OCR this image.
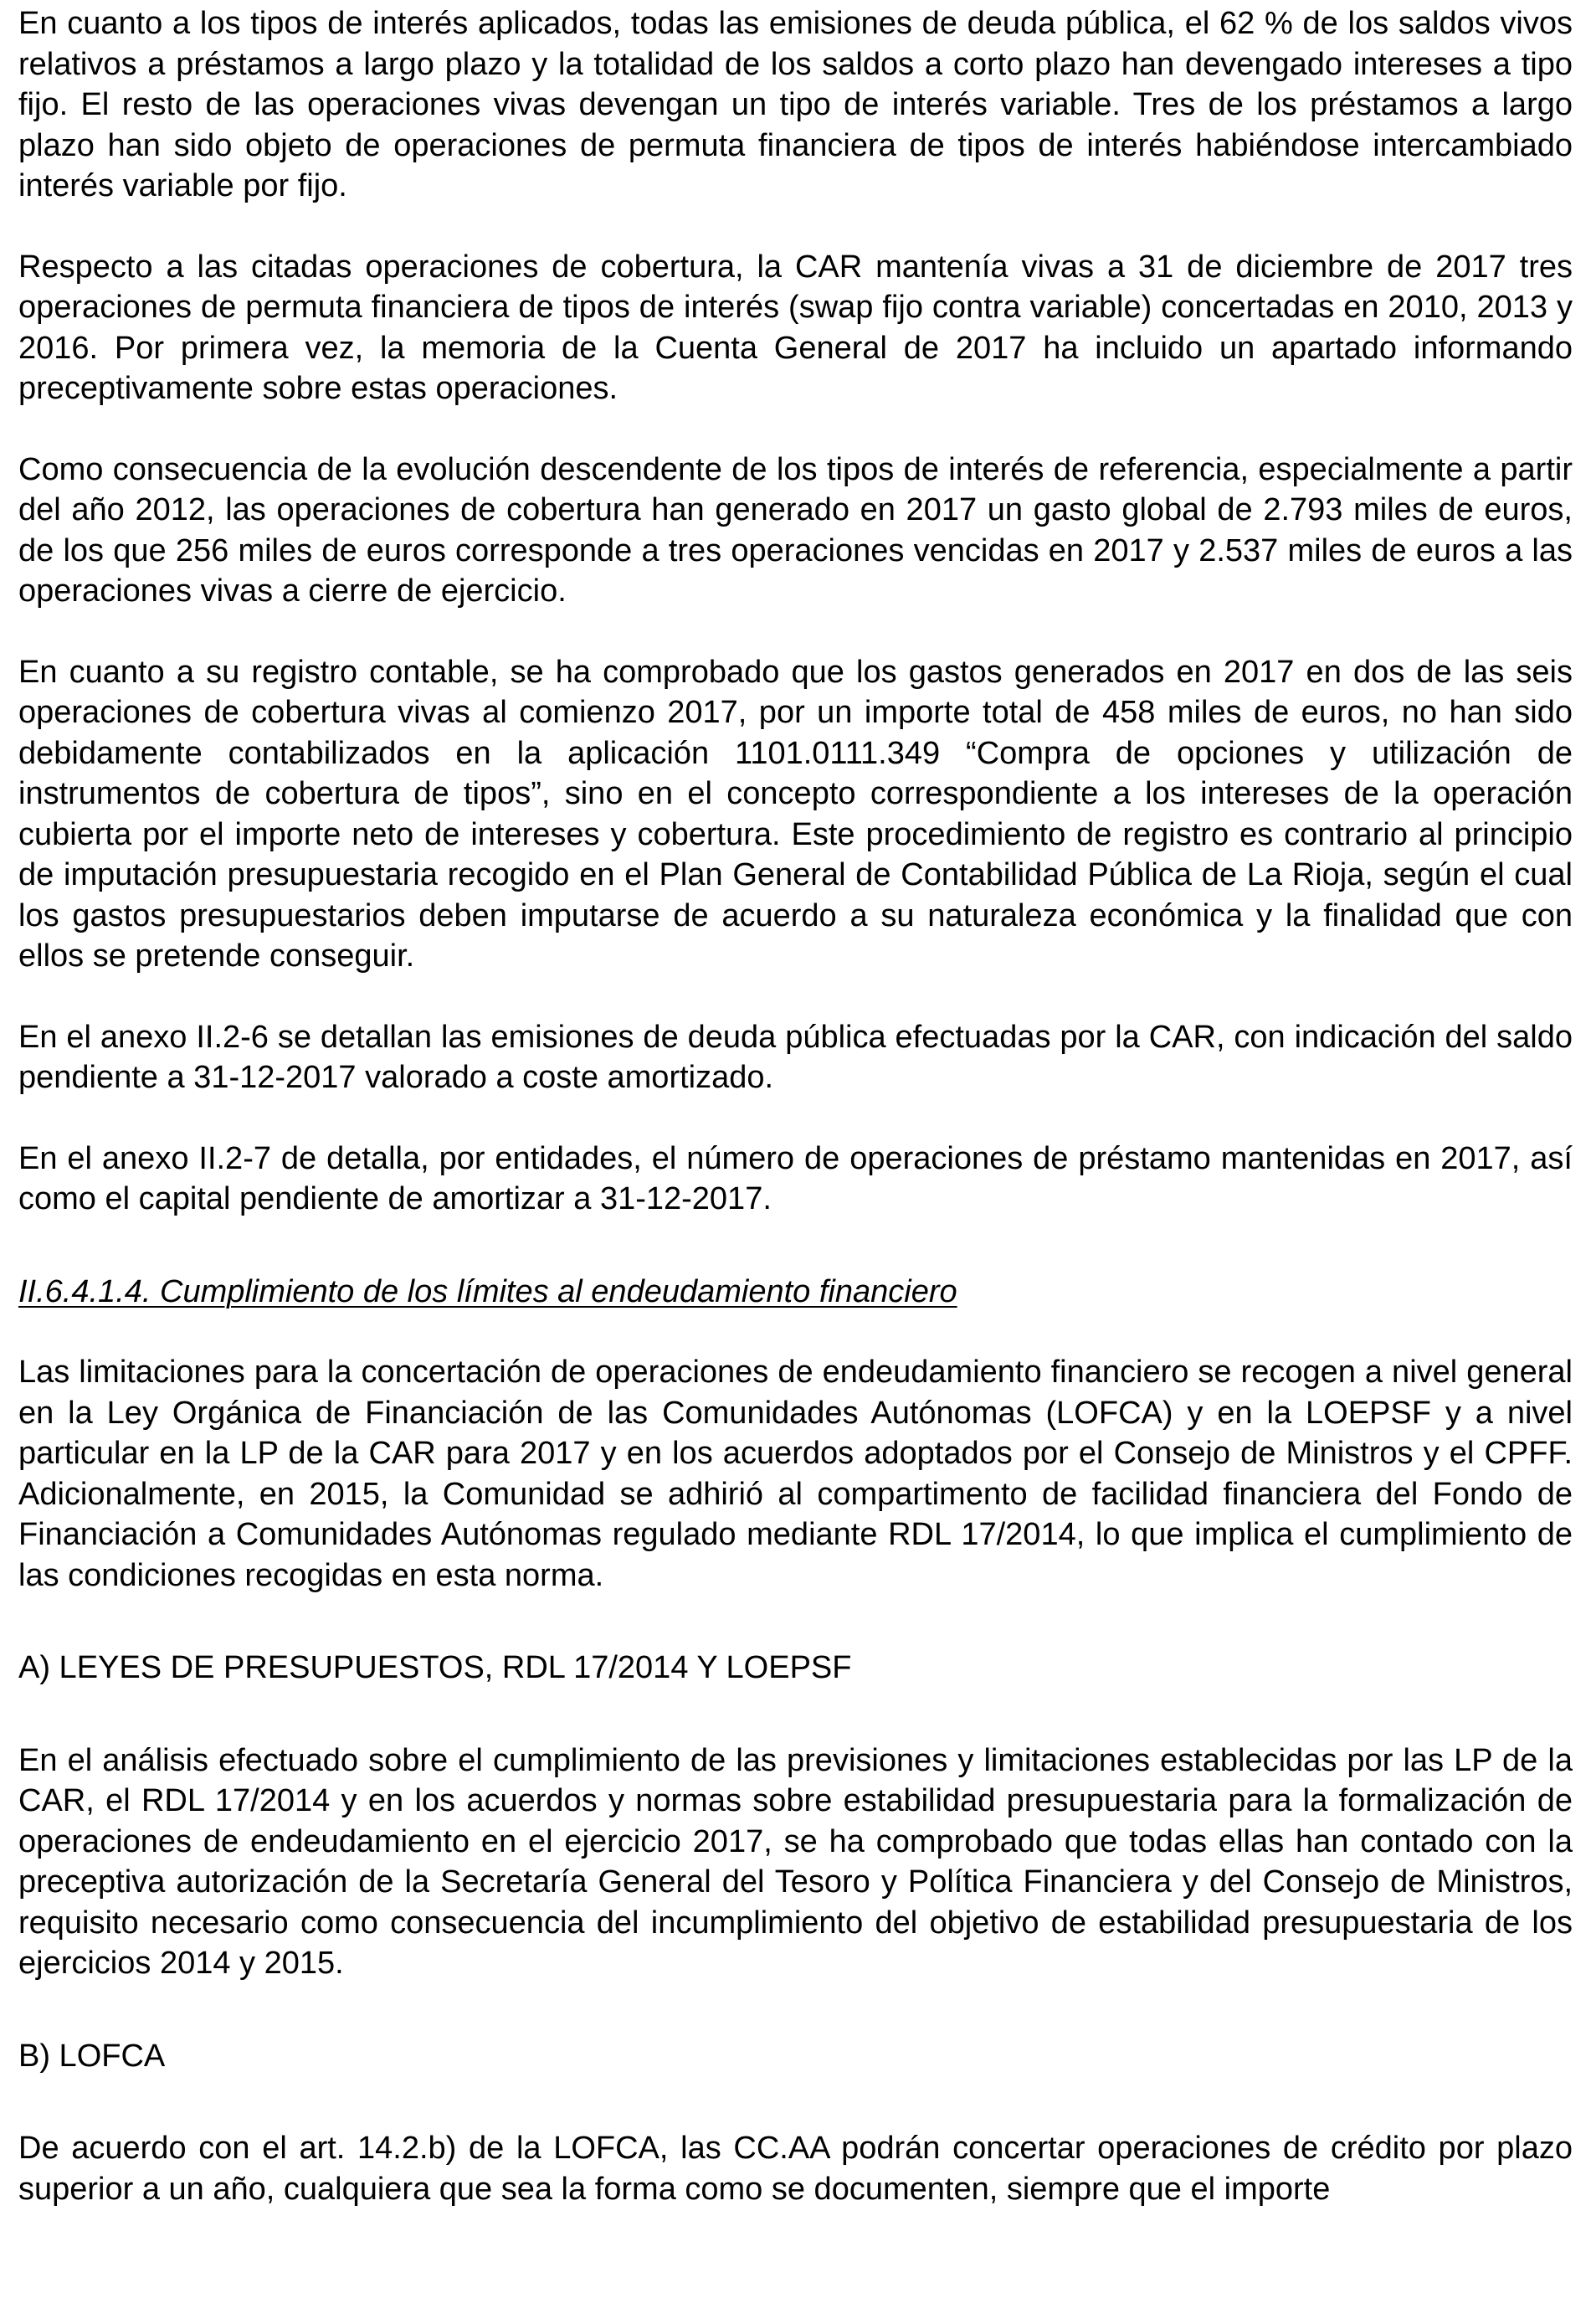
En cuanto a los tipos de interés aplicados, todas las emisiones de deuda pública, el 62 % de los saldos vivos relativos a préstamos a largo plazo y la totalidad de los saldos a corto plazo han devengado intereses a tipo fijo. El resto de las operaciones vivas devengan un tipo de interés variable. Tres de los préstamos a largo plazo han sido objeto de operaciones de permuta financiera de tipos de interés habiéndose intercambiado interés variable por fijo.

Respecto a las citadas operaciones de cobertura, la CAR mantenía vivas a 31 de diciembre de 2017 tres operaciones de permuta financiera de tipos de interés (swap fijo contra variable) concertadas en 2010, 2013 y 2016. Por primera vez, la memoria de la Cuenta General de 2017 ha incluido un apartado informando preceptivamente sobre estas operaciones.

Como consecuencia de la evolución descendente de los tipos de interés de referencia, especialmente a partir del año 2012, las operaciones de cobertura han generado en 2017 un gasto global de 2.793 miles de euros, de los que 256 miles de euros corresponde a tres operaciones vencidas en 2017 y 2.537 miles de euros a las operaciones vivas a cierre de ejercicio.

En cuanto a su registro contable, se ha comprobado que los gastos generados en 2017 en dos de las seis operaciones de cobertura vivas al comienzo 2017, por un importe total de 458 miles de euros, no han sido debidamente contabilizados en la aplicación 1101.0111.349 “Compra de opciones y utilización de instrumentos de cobertura de tipos”, sino en el concepto correspondiente a los intereses de la operación cubierta por el importe neto de intereses y cobertura. Este procedimiento de registro es contrario al principio de imputación presupuestaria recogido en el Plan General de Contabilidad Pública de La Rioja, según el cual los gastos presupuestarios deben imputarse de acuerdo a su naturaleza económica y la finalidad que con ellos se pretende conseguir.

En el anexo II.2-6 se detallan las emisiones de deuda pública efectuadas por la CAR, con indicación del saldo pendiente a 31-12-2017 valorado a coste amortizado.

En el anexo II.2-7 de detalla, por entidades, el número de operaciones de préstamo mantenidas en 2017, así como el capital pendiente de amortizar a 31-12-2017.

II.6.4.1.4. Cumplimiento de los límites al endeudamiento financiero

Las limitaciones para la concertación de operaciones de endeudamiento financiero se recogen a nivel general en la Ley Orgánica de Financiación de las Comunidades Autónomas (LOFCA) y en la LOEPSF y a nivel particular en la LP de la CAR para 2017 y en los acuerdos adoptados por el Consejo de Ministros y el CPFF. Adicionalmente, en 2015, la Comunidad se adhirió al compartimento de facilidad financiera del Fondo de Financiación a Comunidades Autónomas regulado mediante RDL 17/2014, lo que implica el cumplimiento de las condiciones recogidas en esta norma.

A) LEYES DE PRESUPUESTOS, RDL 17/2014 Y LOEPSF

En el análisis efectuado sobre el cumplimiento de las previsiones y limitaciones establecidas por las LP de la CAR, el RDL 17/2014 y en los acuerdos y normas sobre estabilidad presupuestaria para la formalización de operaciones de endeudamiento en el ejercicio 2017, se ha comprobado que todas ellas han contado con la preceptiva autorización de la Secretaría General del Tesoro y Política Financiera y del Consejo de Ministros, requisito necesario como consecuencia del incumplimiento del objetivo de estabilidad presupuestaria de los ejercicios 2014 y 2015.

B) LOFCA

De acuerdo con el art. 14.2.b) de la LOFCA, las CC.AA podrán concertar operaciones de crédito por plazo superior a un año, cualquiera que sea la forma como se documenten, siempre que el importe
